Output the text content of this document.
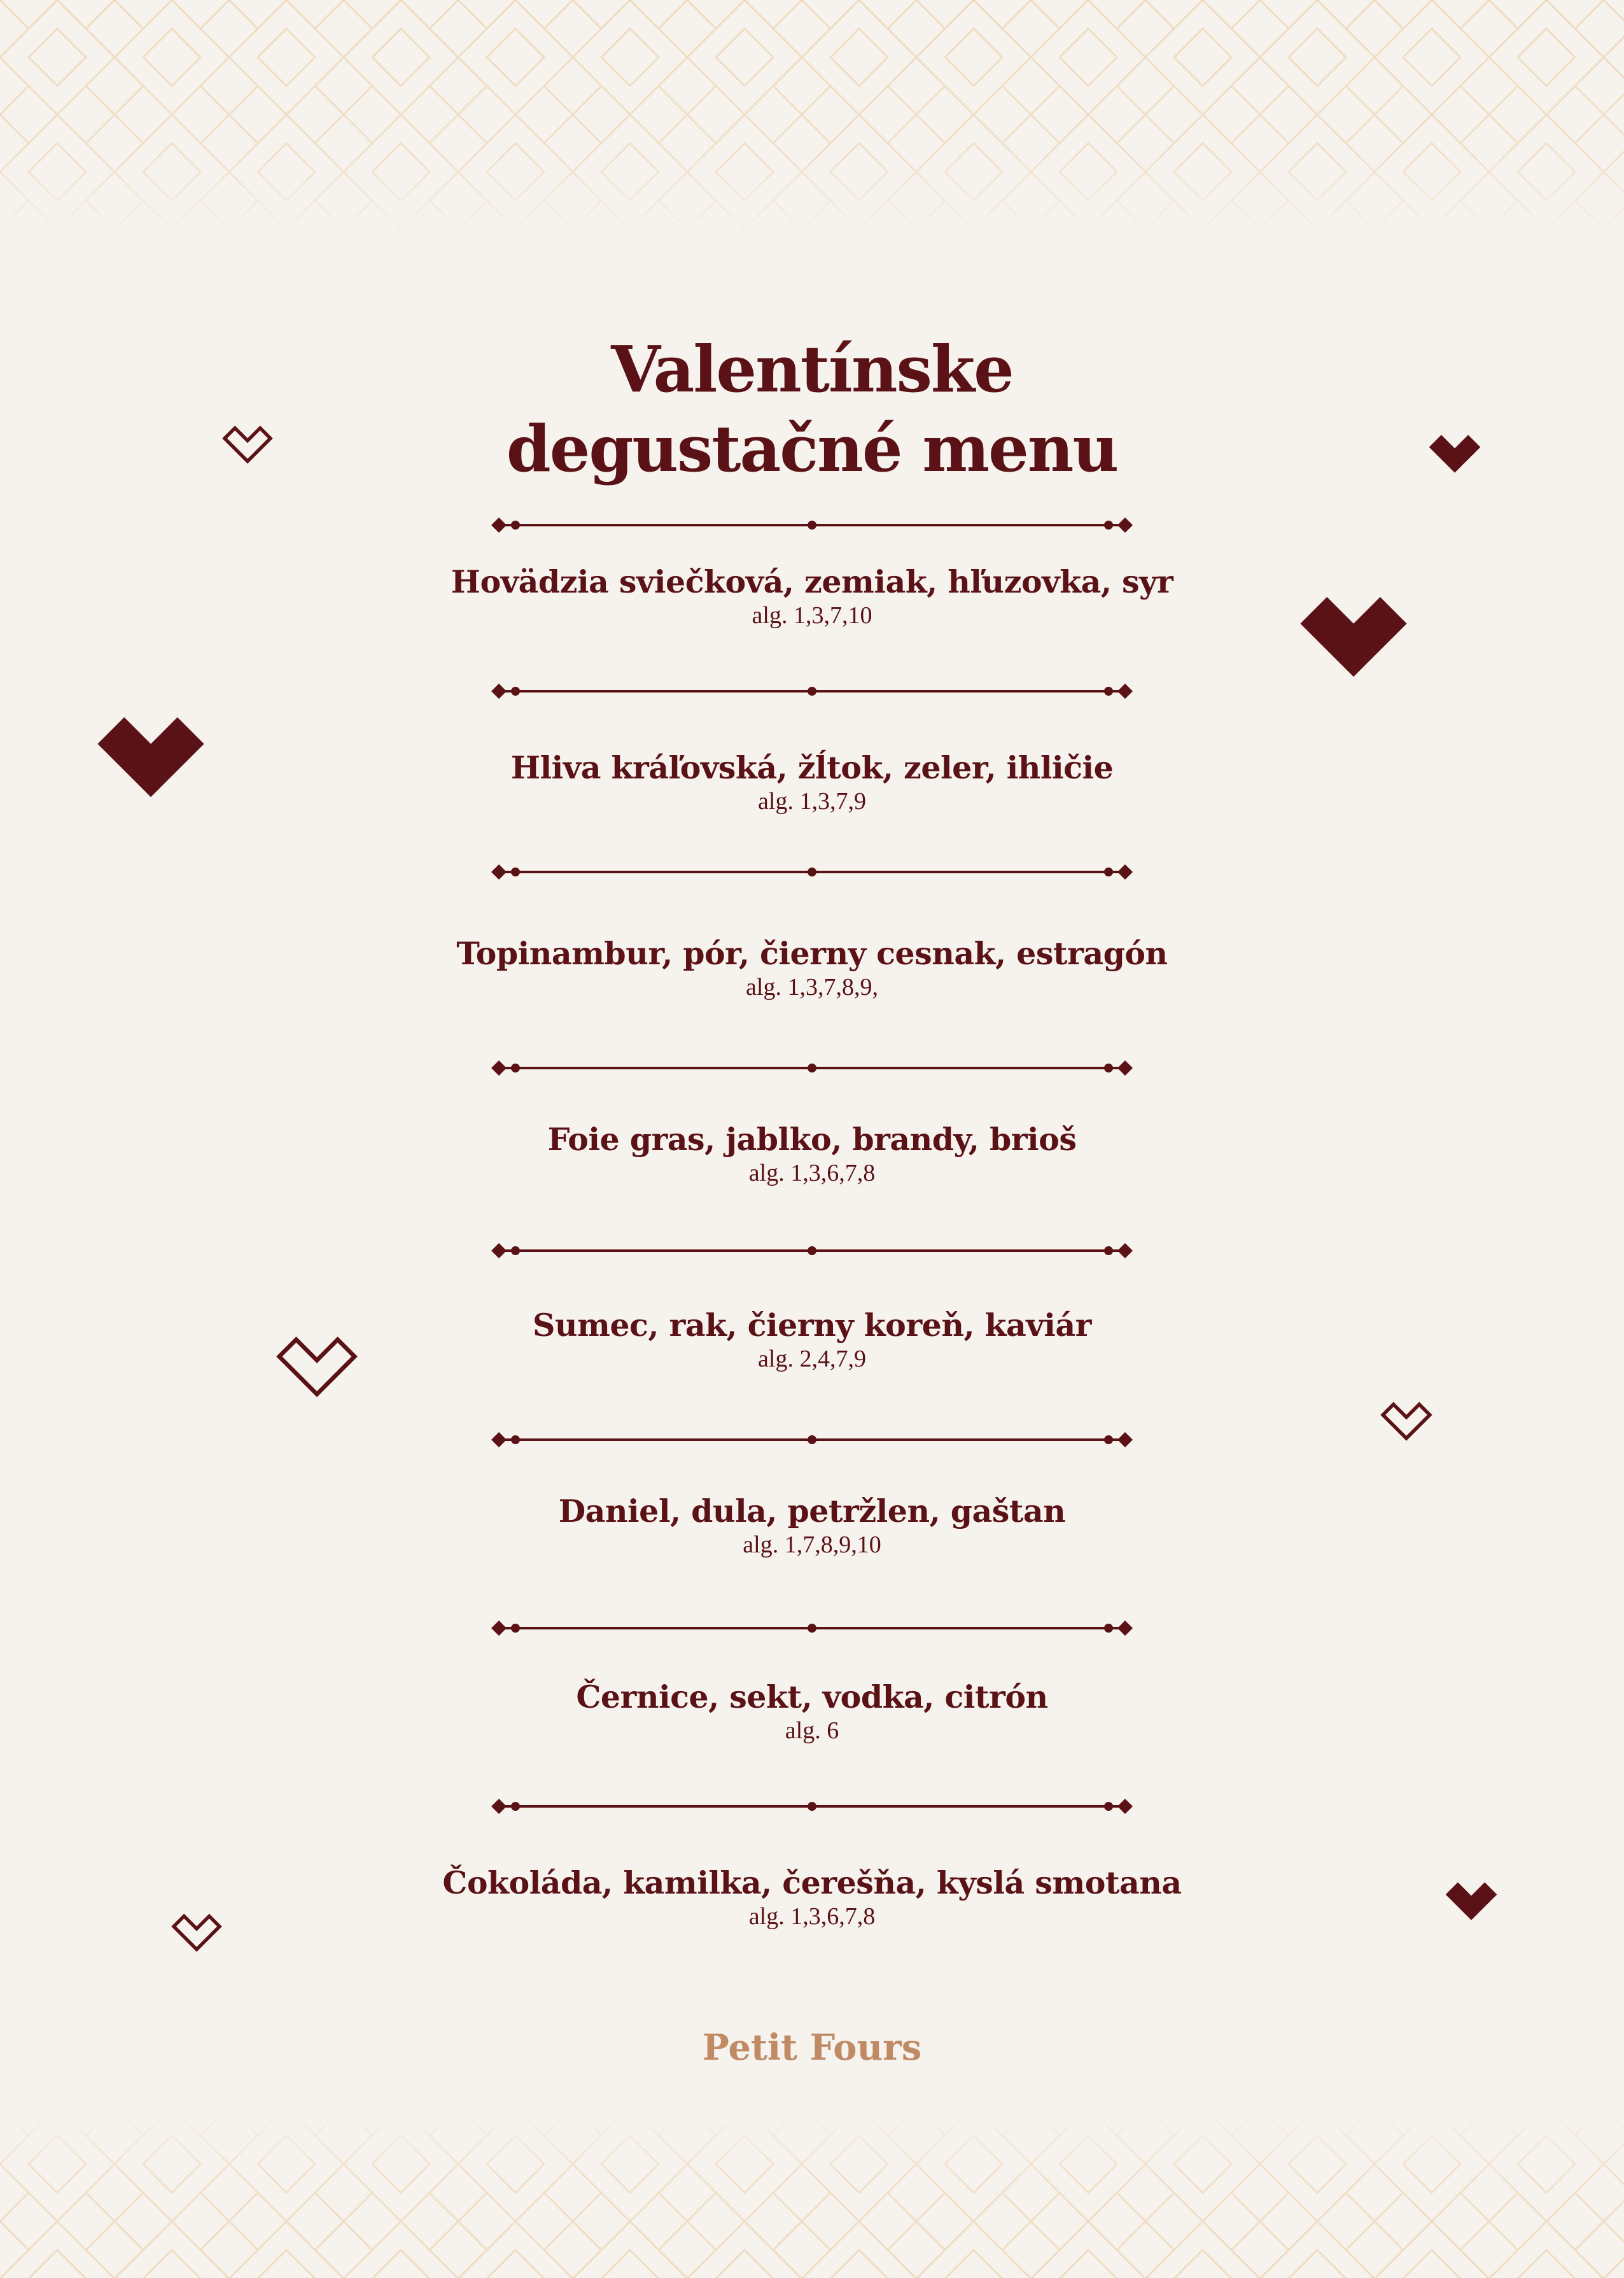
Valentínske
degustačné menu
Hovädzia sviečková, zemiak, hľuzovka, syr
alg. 1,3,7,10
Hliva kráľovská, žĺtok, zeler, ihličie
alg. 1,3,7,9
Topinambur, pór, čierny cesnak, estragón
alg. 1,3,7,8,9,
Foie gras, jablko, brandy, brioš
alg. 1,3,6,7,8
Sumec, rak, čierny koreň, kaviár
alg. 2,4,7,9
Daniel, dula, petržlen, gaštan
alg. 1,7,8,9,10
Černice, sekt, vodka, citrón
alg. 6
Čokoláda, kamilka, čerešňa, kyslá smotana
alg. 1,3,6,7,8
Petit Fours
